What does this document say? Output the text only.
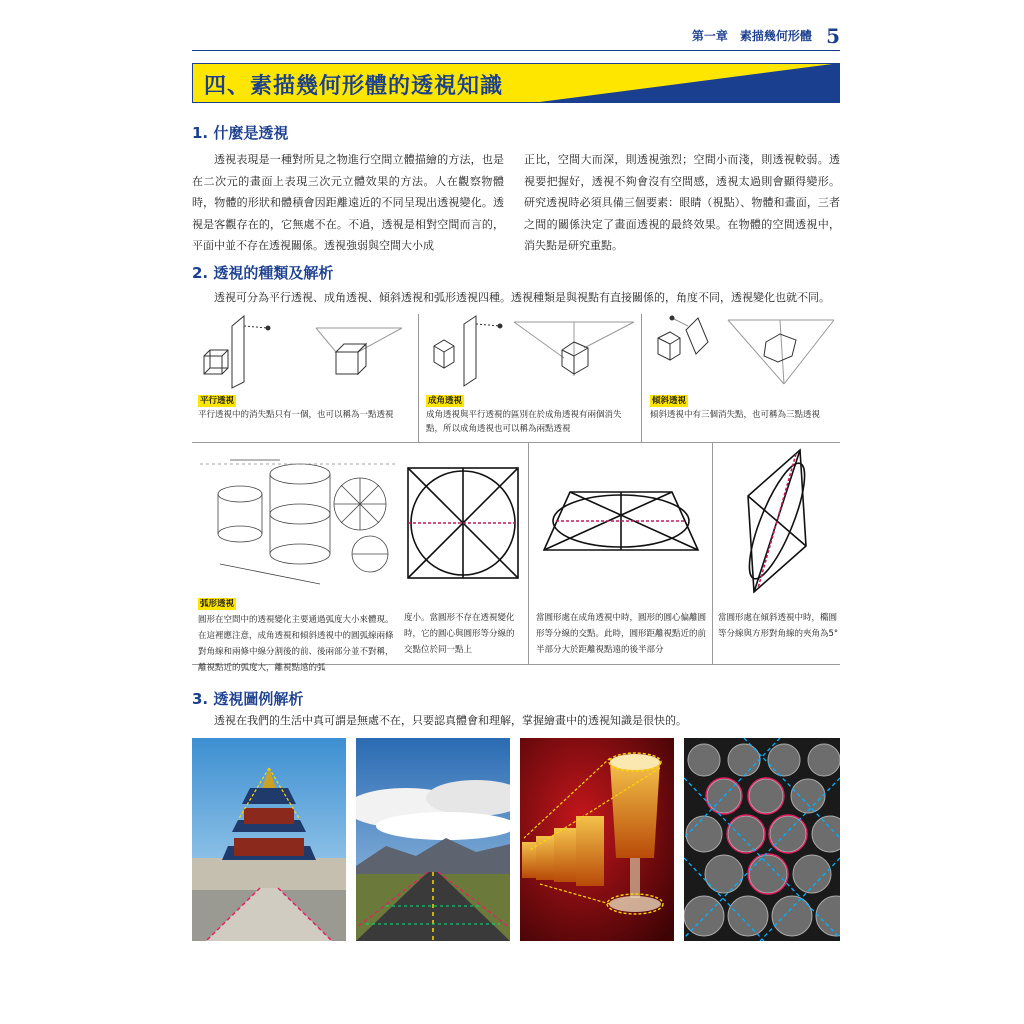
第一章　素描幾何形體 5
四、素描幾何形體的透視知識
1. 什麼是透視
透視表現是一種對所見之物進行空間立體描繪的方法，也是在二次元的畫面上表現三次元立體效果的方法。人在觀察物體時，物體的形狀和體積會因距離遠近的不同呈現出透視變化。透視是客觀存在的，它無處不在。不過，透視是相對空間而言的，平面中並不存在透視關係。透視強弱與空間大小成
正比，空間大而深，則透視強烈；空間小而淺，則透視較弱。透視要把握好，透視不夠會沒有空間感，透視太過則會顯得變形。研究透視時必須具備三個要素：眼睛（視點）、物體和畫面，三者之間的關係決定了畫面透視的最終效果。在物體的空間透視中，消失點是研究重點。
2. 透視的種類及解析
透視可分為平行透視、成角透視、傾斜透視和弧形透視四種。透視種類是與視點有直接關係的，角度不同，透視變化也就不同。
平行透視
平行透視中的消失點只有一個，也可以稱為一點透視
成角透視
成角透視與平行透視的區別在於成角透視有兩個消失點，所以成角透視也可以稱為兩點透視
傾斜透視
傾斜透視中有三個消失點，也可稱為三點透視
弧形透視
圓形在空間中的透視變化主要通過弧度大小來體現。在這裡應注意，成角透視和傾斜透視中的圓弧線兩條對角線和兩條中線分割後的前、後兩部分並不對稱，離視點近的弧度大，離視點遠的弧
度小。當圓形不存在透視變化時，它的圓心與圓形等分線的交點位於同一點上
當圓形處在成角透視中時，圓形的圓心偏離圓形等分線的交點。此時，圓形距離視點近的前半部分大於距離視點遠的後半部分
當圓形處在傾斜透視中時，橢圓等分線與方形對角線的夾角為5°
3. 透視圖例解析
透視在我們的生活中真可謂是無處不在，只要認真體會和理解，掌握繪畫中的透視知識是很快的。
